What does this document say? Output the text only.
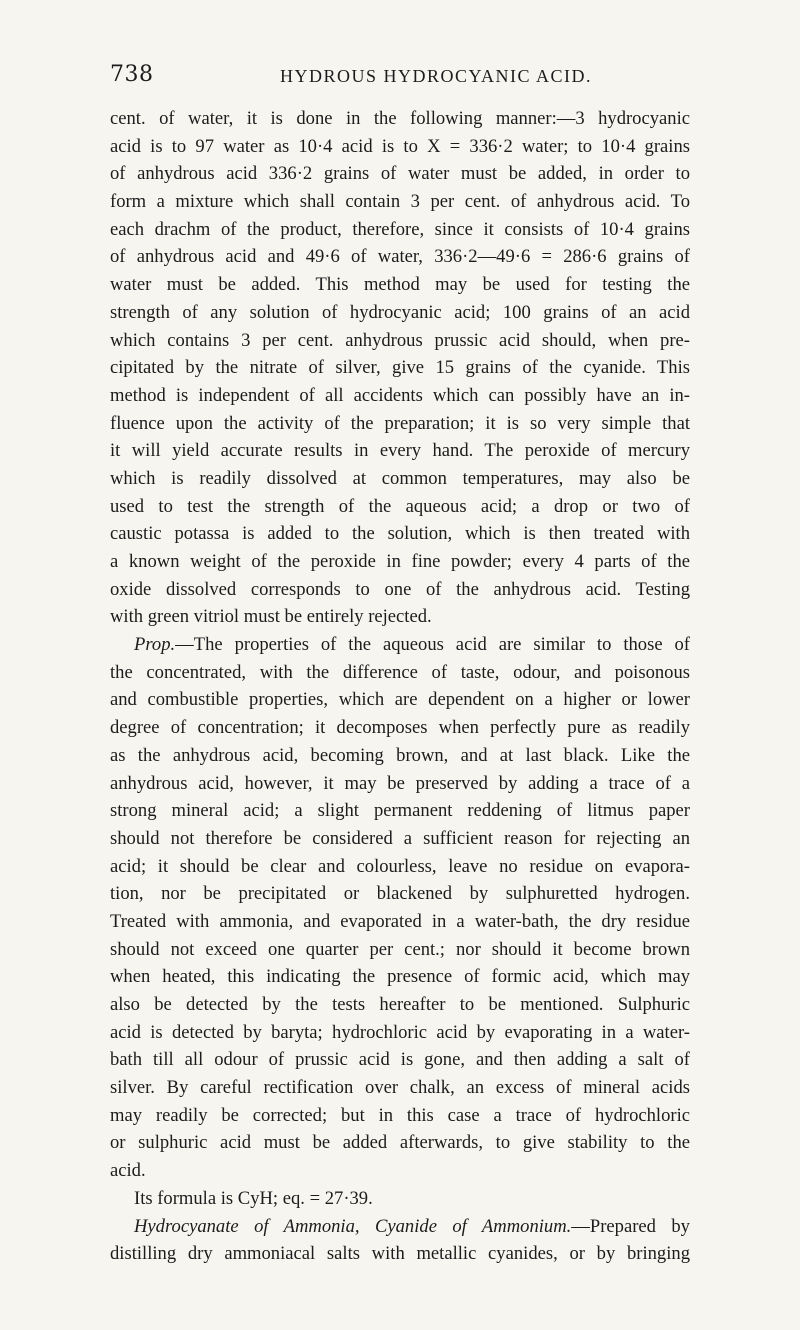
738	HYDROUS HYDROCYANIC ACID.
cent. of water, it is done in the following manner:—3 hydrocyanic
acid is to 97 water as 10·4 acid is to X = 336·2 water; to 10·4 grains
of anhydrous acid 336·2 grains of water must be added, in order to
form a mixture which shall contain 3 per cent. of anhydrous acid. To
each drachm of the product, therefore, since it consists of 10·4 grains
of anhydrous acid and 49·6 of water, 336·2—49·6 = 286·6 grains of
water must be added. This method may be used for testing the
strength of any solution of hydrocyanic acid; 100 grains of an acid
which contains 3 per cent. anhydrous prussic acid should, when pre-
cipitated by the nitrate of silver, give 15 grains of the cyanide. This
method is independent of all accidents which can possibly have an in-
fluence upon the activity of the preparation; it is so very simple that
it will yield accurate results in every hand. The peroxide of mercury
which is readily dissolved at common temperatures, may also be
used to test the strength of the aqueous acid; a drop or two of
caustic potassa is added to the solution, which is then treated with
a known weight of the peroxide in fine powder; every 4 parts of the
oxide dissolved corresponds to one of the anhydrous acid. Testing
with green vitriol must be entirely rejected.
Prop.—The properties of the aqueous acid are similar to those of
the concentrated, with the difference of taste, odour, and poisonous
and combustible properties, which are dependent on a higher or lower
degree of concentration; it decomposes when perfectly pure as readily
as the anhydrous acid, becoming brown, and at last black. Like the
anhydrous acid, however, it may be preserved by adding a trace of a
strong mineral acid; a slight permanent reddening of litmus paper
should not therefore be considered a sufficient reason for rejecting an
acid; it should be clear and colourless, leave no residue on evapora-
tion, nor be precipitated or blackened by sulphuretted hydrogen.
Treated with ammonia, and evaporated in a water-bath, the dry residue
should not exceed one quarter per cent.; nor should it become brown
when heated, this indicating the presence of formic acid, which may
also be detected by the tests hereafter to be mentioned. Sulphuric
acid is detected by baryta; hydrochloric acid by evaporating in a water-
bath till all odour of prussic acid is gone, and then adding a salt of
silver. By careful rectification over chalk, an excess of mineral acids
may readily be corrected; but in this case a trace of hydrochloric
or sulphuric acid must be added afterwards, to give stability to the
acid.
Its formula is CyH; eq. = 27·39.
Hydrocyanate of Ammonia, Cyanide of Ammonium.—Prepared by
distilling dry ammoniacal salts with metallic cyanides, or by bringing
